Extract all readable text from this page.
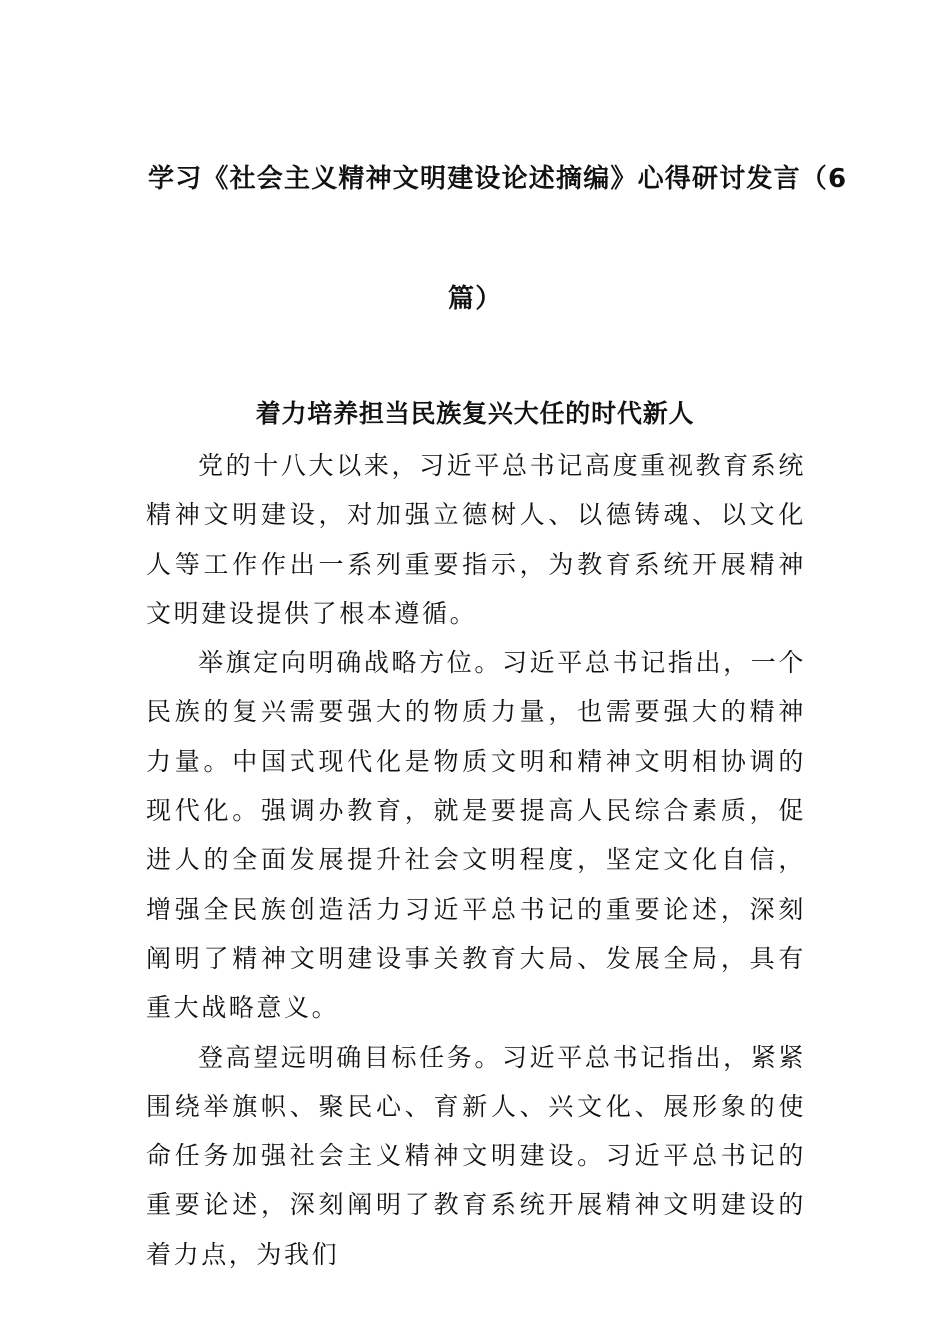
学习《社会主义精神文明建设论述摘编》心得研讨发言（6
篇）
着力培养担当民族复兴大任的时代新人

党的十八大以来，习近平总书记高度重视教育系统精神文明建设，对加强立德树人、以德铸魂、以文化人等工作作出一系列重要指示，为教育系统开展精神文明建设提供了根本遵循。

举旗定向明确战略方位。习近平总书记指出，一个民族的复兴需要强大的物质力量，也需要强大的精神力量。中国式现代化是物质文明和精神文明相协调的现代化。强调办教育，就是要提高人民综合素质，促进人的全面发展提升社会文明程度，坚定文化自信，增强全民族创造活力习近平总书记的重要论述，深刻阐明了精神文明建设事关教育大局、发展全局，具有重大战略意义。

登高望远明确目标任务。习近平总书记指出，紧紧围绕举旗帜、聚民心、育新人、兴文化、展形象的使命任务加强社会主义精神文明建设。习近平总书记的重要论述，深刻阐明了教育系统开展精神文明建设的着力点，为我们
